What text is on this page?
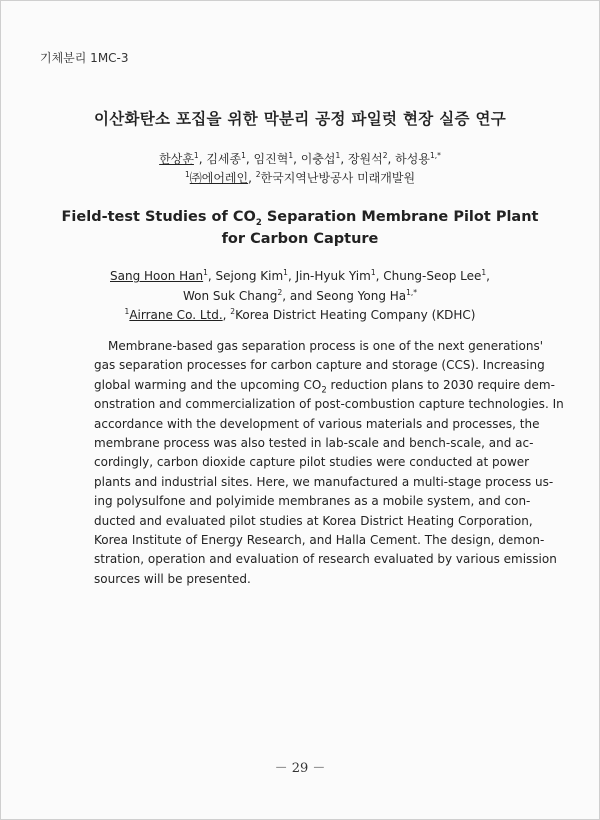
기체분리 1MC-3
이산화탄소 포집을 위한 막분리 공정 파일럿 현장 실증 연구
한상훈$^1$, 김세종$^1$, 임진혁$^1$, 이충섭$^1$, 장원석$^2$, 하성용$^{1,*}$
$^1$㈜에어레인, $^2$한국지역난방공사 미래개발원
Field-test Studies of $CO_2$ Separation Membrane Pilot Plant
for Carbon Capture
Sang Hoon Han$^1$, Sejong Kim$^1$, Jin-Hyuk Yim$^1$, Chung-Seop Lee$^1$,
Won Suk Chang$^2$, and Seong Yong $Ha^{1,*}$
$^1$Airrane Co. Ltd., $^2$Korea District Heating Company (KDHC)
Membrane-based gas separation process is one of the next generations'
gas separation processes for carbon capture and storage (CCS). Increasing
global warming and the upcoming $CO_2$ reduction plans to 2030 require dem-
onstration and commercialization of post-combustion capture technologies. In
accordance with the development of various materials and processes, the
membrane process was also tested in lab-scale and bench-scale, and ac-
cordingly, carbon dioxide capture pilot studies were conducted at power
plants and industrial sites. Here, we manufactured a multi-stage process us-
ing polysulfone and polyimide membranes as a mobile system, and con-
ducted and evaluated pilot studies at Korea District Heating Corporation,
Korea Institute of Energy Research, and Halla Cement. The design, demon-
stration, operation and evaluation of research evaluated by various emission
sources will be presented.
－ 29 －
